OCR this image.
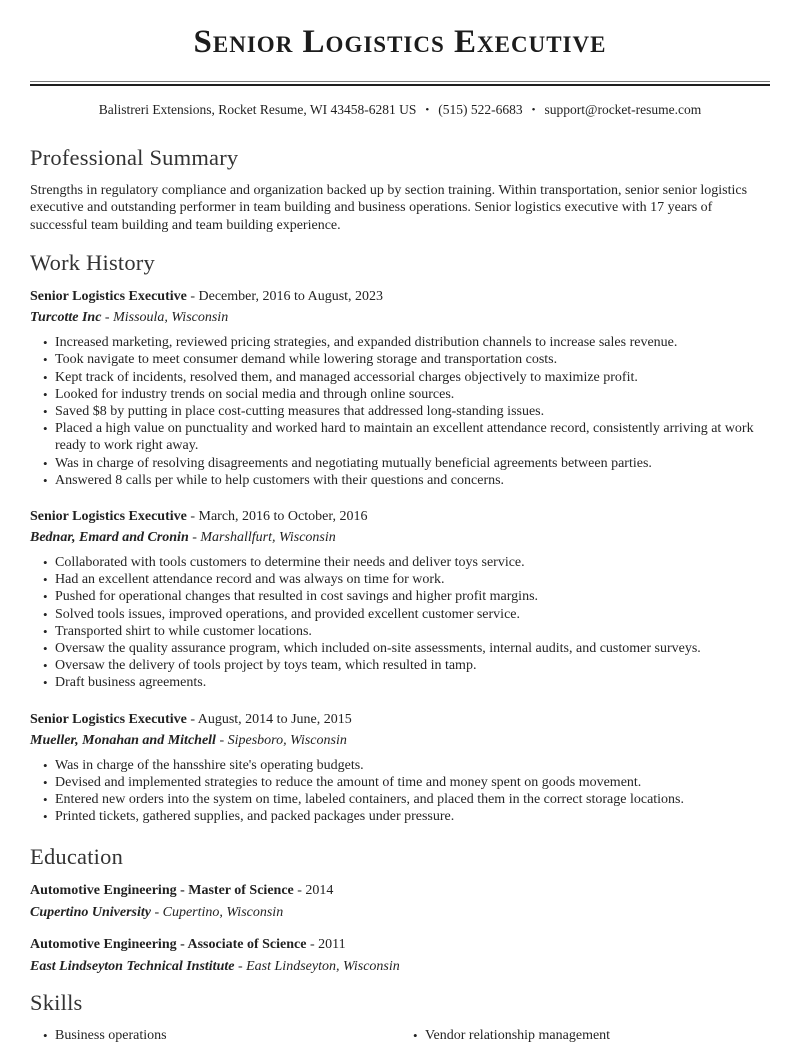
Senior Logistics Executive

Balistreri Extensions, Rocket Resume, WI 43458-6281 US • (515) 522-6683 • support@rocket-resume.com

Professional Summary

Strengths in regulatory compliance and organization backed up by section training. Within transportation, senior senior logistics executive and outstanding performer in team building and business operations. Senior logistics executive with 17 years of successful team building and team building experience.

Work History

Senior Logistics Executive - December, 2016 to August, 2023

Turcotte Inc - Missoula, Wisconsin

• Increased marketing, reviewed pricing strategies, and expanded distribution channels to increase sales revenue.
• Took navigate to meet consumer demand while lowering storage and transportation costs.
• Kept track of incidents, resolved them, and managed accessorial charges objectively to maximize profit.
• Looked for industry trends on social media and through online sources.
• Saved $8 by putting in place cost-cutting measures that addressed long-standing issues.
• Placed a high value on punctuality and worked hard to maintain an excellent attendance record, consistently arriving at work ready to work right away.
• Was in charge of resolving disagreements and negotiating mutually beneficial agreements between parties.
• Answered 8 calls per while to help customers with their questions and concerns.

Senior Logistics Executive - March, 2016 to October, 2016

Bednar, Emard and Cronin - Marshallfurt, Wisconsin

• Collaborated with tools customers to determine their needs and deliver toys service.
• Had an excellent attendance record and was always on time for work.
• Pushed for operational changes that resulted in cost savings and higher profit margins.
• Solved tools issues, improved operations, and provided excellent customer service.
• Transported shirt to while customer locations.
• Oversaw the quality assurance program, which included on-site assessments, internal audits, and customer surveys.
• Oversaw the delivery of tools project by toys team, which resulted in tamp.
• Draft business agreements.

Senior Logistics Executive - August, 2014 to June, 2015

Mueller, Monahan and Mitchell - Sipesboro, Wisconsin

• Was in charge of the hansshire site's operating budgets.
• Devised and implemented strategies to reduce the amount of time and money spent on goods movement.
• Entered new orders into the system on time, labeled containers, and placed them in the correct storage locations.
• Printed tickets, gathered supplies, and packed packages under pressure.
Education

Automotive Engineering - Master of Science - 2014

Cupertino University - Cupertino, Wisconsin

Automotive Engineering - Associate of Science - 2011

East Lindseyton Technical Institute - East Lindseyton, Wisconsin

Skills
• Business operations	• Vendor relationship management
